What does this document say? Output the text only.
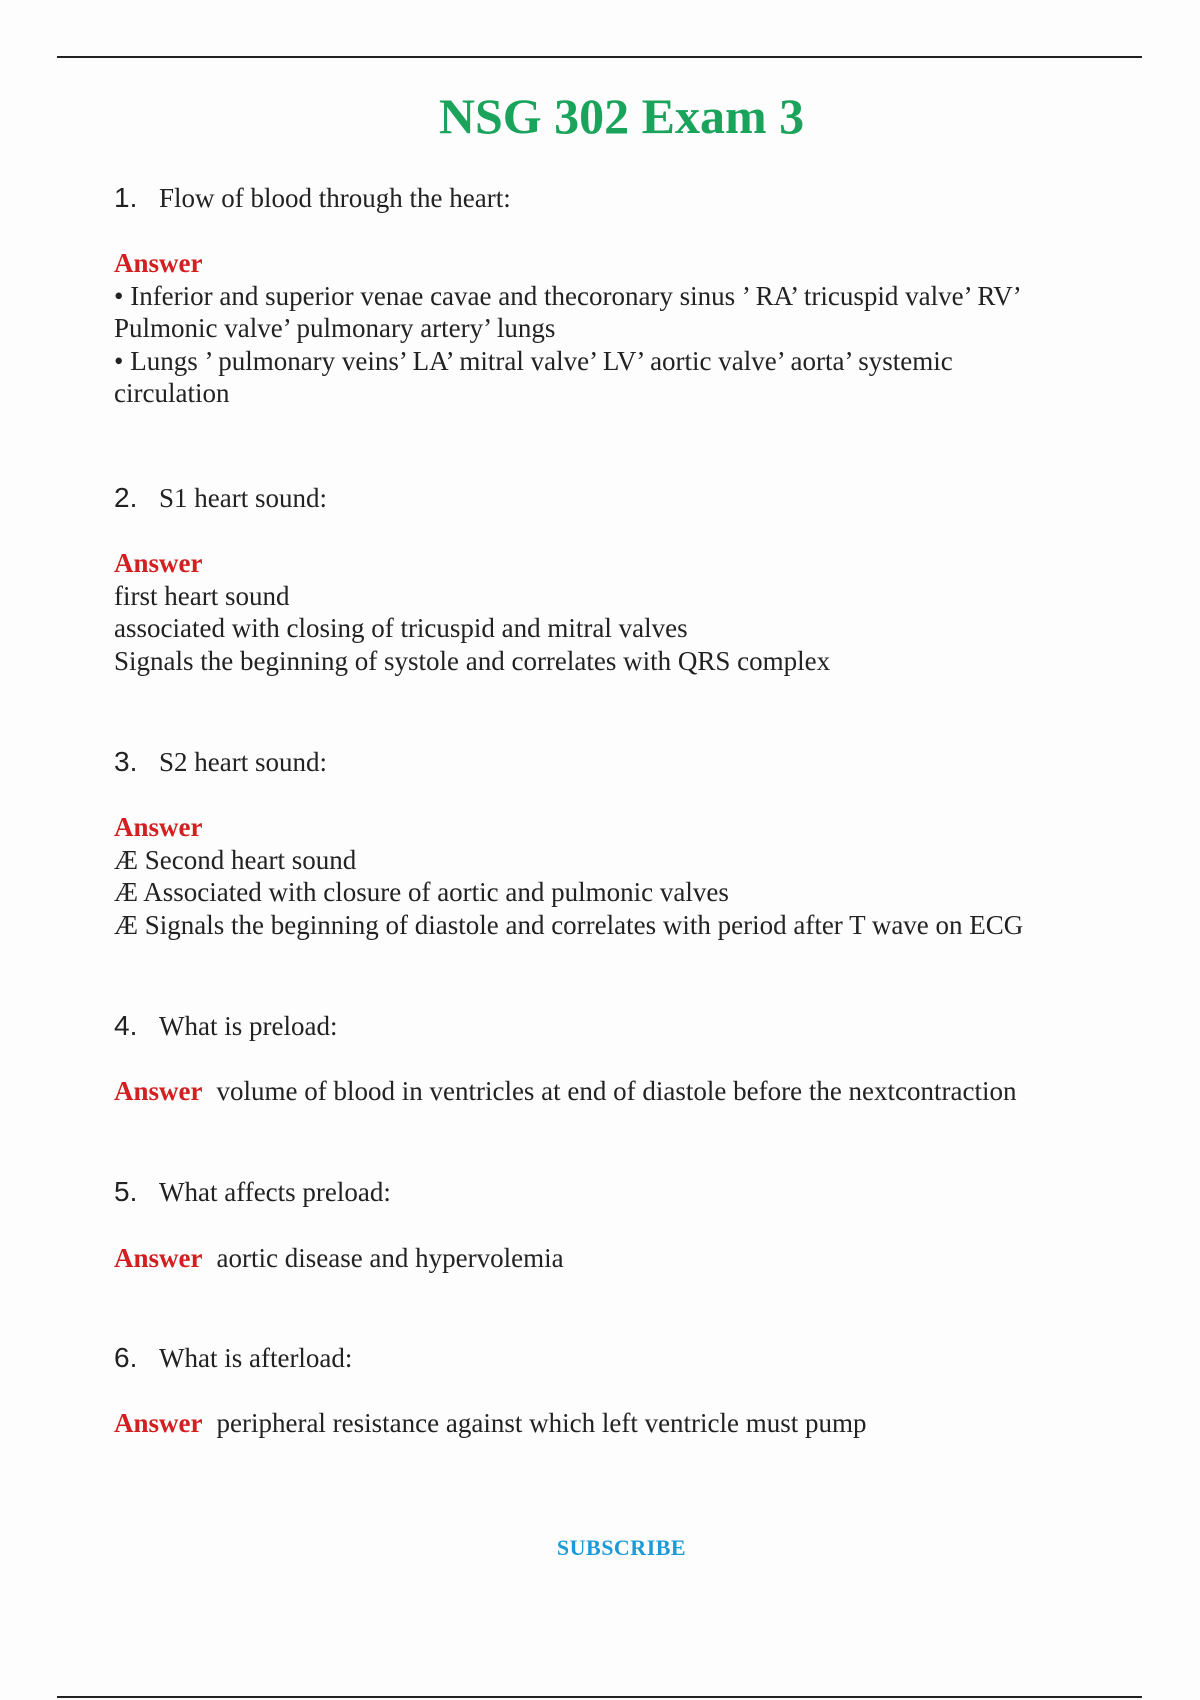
NSG 302 Exam 3
1. Flow of blood through the heart:
Answer
• Inferior and superior venae cavae and thecoronary sinus ’ RA’ tricuspid valve’ RV’
Pulmonic valve’ pulmonary artery’ lungs
• Lungs ’ pulmonary veins’ LA’ mitral valve’ LV’ aortic valve’ aorta’ systemic
circulation
2. S1 heart sound:
Answer
first heart sound
associated with closing of tricuspid and mitral valves
Signals the beginning of systole and correlates with QRS complex
3. S2 heart sound:
Answer
Æ Second heart sound
Æ Associated with closure of aortic and pulmonic valves
Æ Signals the beginning of diastole and correlates with period after T wave on ECG
4. What is preload:
Answer volume of blood in ventricles at end of diastole before the nextcontraction
5. What affects preload:
Answer aortic disease and hypervolemia
6. What is afterload:
Answer peripheral resistance against which left ventricle must pump
SUBSCRIBE
